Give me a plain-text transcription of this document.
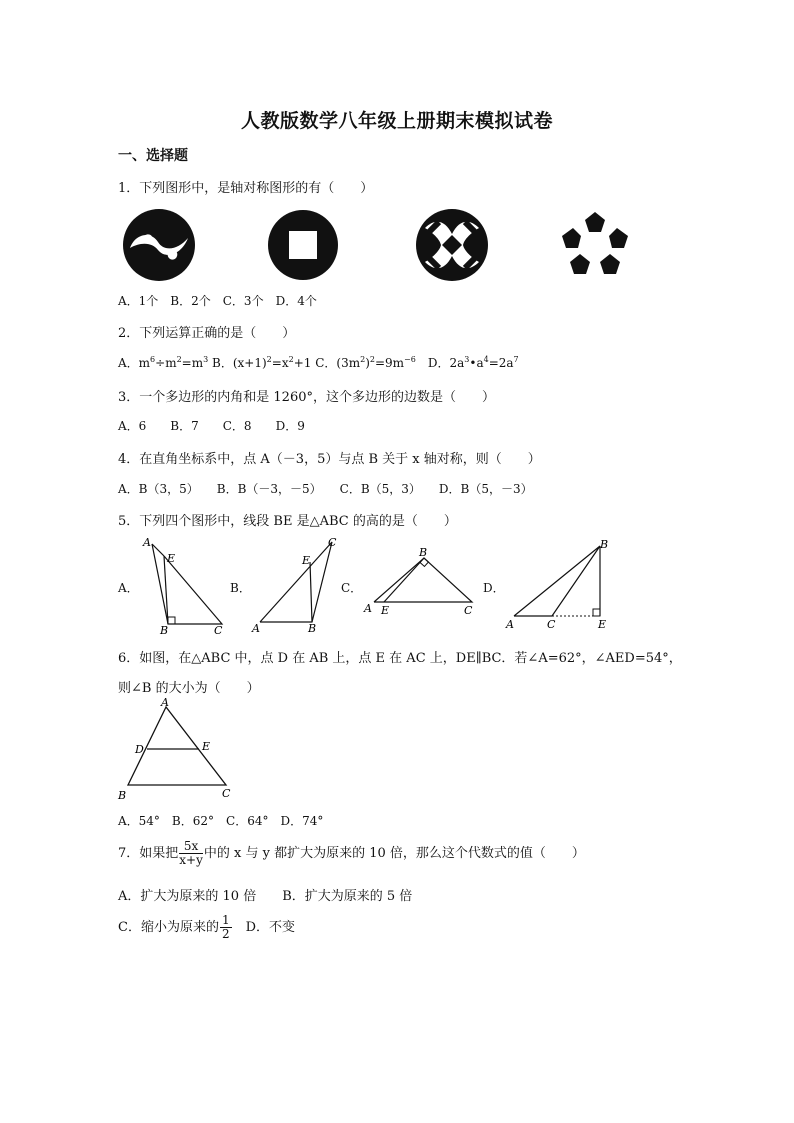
人教版数学八年级上册期末模拟试卷
一、选择题
1．下列图形中，是轴对称图形的有（　　）
A．1个　B．2个　C．3个　D．4个
2．下列运算正确的是（　　）
A．$m^6\div m^2=m^3$ B．$(x+1)^2=x^2+1$ C．$(3m^2)^2=9m^{-6}$　D．$2a^3•a^4=2a^7$
3．一个多边形的内角和是 1260°，这个多边形的边数是（　　）
A．6　　B．7　　C．8　　D．9
4．在直角坐标系中，点 A（－3，5）与点 B 关于 x 轴对称，则（　　）
A．B（3，5）　　B．B（－3，－5）　　C．B（5，3）　　D．B（5，－3）
5．下列四个图形中，线段 BE 是△ABC 的高的是（　　）
A．
A
E
B	C
B．
E
C
A	B
C．
B
A E	C
D．
B
A	C	E
6．如图，在△ABC 中，点 D 在 AB 上，点 E 在 AC 上，DE∥BC．若∠A=62°，∠AED=54°，
则∠B 的大小为（　　）
A
D	E
B	C
A．54°　B．62°　C．64°　D．74°
7．如果把 $\frac{5x}{x+y}$ 中的 x 与 y 都扩大为原来的 10 倍，那么这个代数式的值（　　）
A．扩大为原来的 10 倍　　B．扩大为原来的 5 倍
C．缩小为原来的 $\frac{1}{2}$ 　D．不变
